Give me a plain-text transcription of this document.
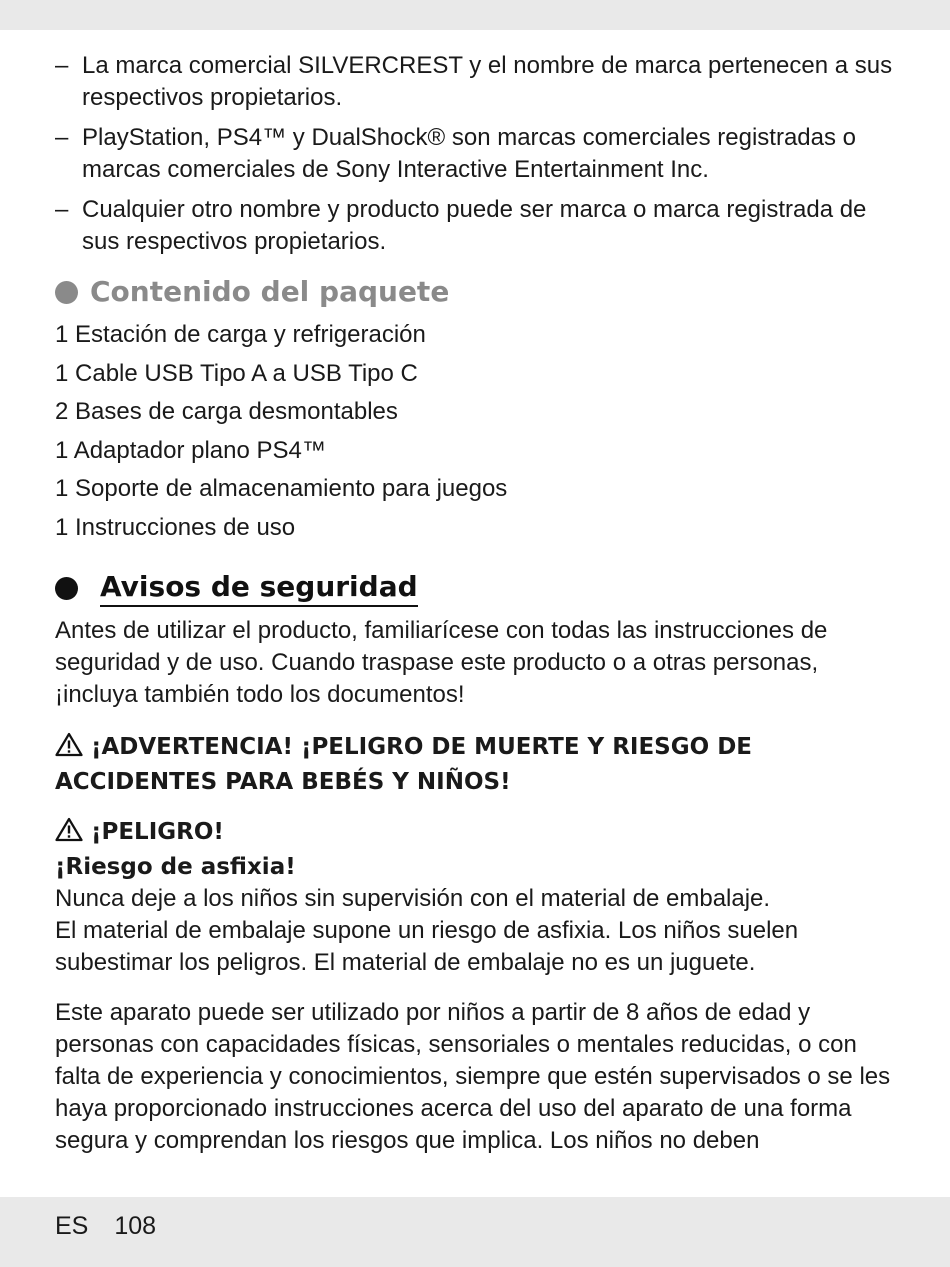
– La marca comercial SILVERCREST y el nombre de marca pertenecen a sus respectivos propietarios.
– PlayStation, PS4™ y DualShock® son marcas comerciales registradas o marcas comerciales de Sony Interactive Entertainment Inc.
– Cualquier otro nombre y producto puede ser marca o marca registrada de sus respectivos propietarios.
Contenido del paquete
1 Estación de carga y refrigeración
1 Cable USB Tipo A a USB Tipo C
2 Bases de carga desmontables
1 Adaptador plano PS4™
1 Soporte de almacenamiento para juegos
1 Instrucciones de uso
Avisos de seguridad

Antes de utilizar el producto, familiarícese con todas las instrucciones de seguridad y de uso. Cuando traspase este producto o a otras personas, ¡incluya también todo los documentos!

¡ADVERTENCIA! ¡PELIGRO DE MUERTE Y RIESGO DE ACCIDENTES PARA BEBÉS Y NIÑOS!
¡PELIGRO!
¡Riesgo de asfixia!
Nunca deje a los niños sin supervisión con el material de embalaje.
El material de embalaje supone un riesgo de asfixia. Los niños suelen subestimar los peligros. El material de embalaje no es un juguete.

Este aparato puede ser utilizado por niños a partir de 8 años de edad y personas con capacidades físicas, sensoriales o mentales reducidas, o con falta de experiencia y conocimientos, siempre que estén supervisados o se les haya proporcionado instrucciones acerca del uso del aparato de una forma segura y comprendan los riesgos que implica. Los niños no deben

ES 108
